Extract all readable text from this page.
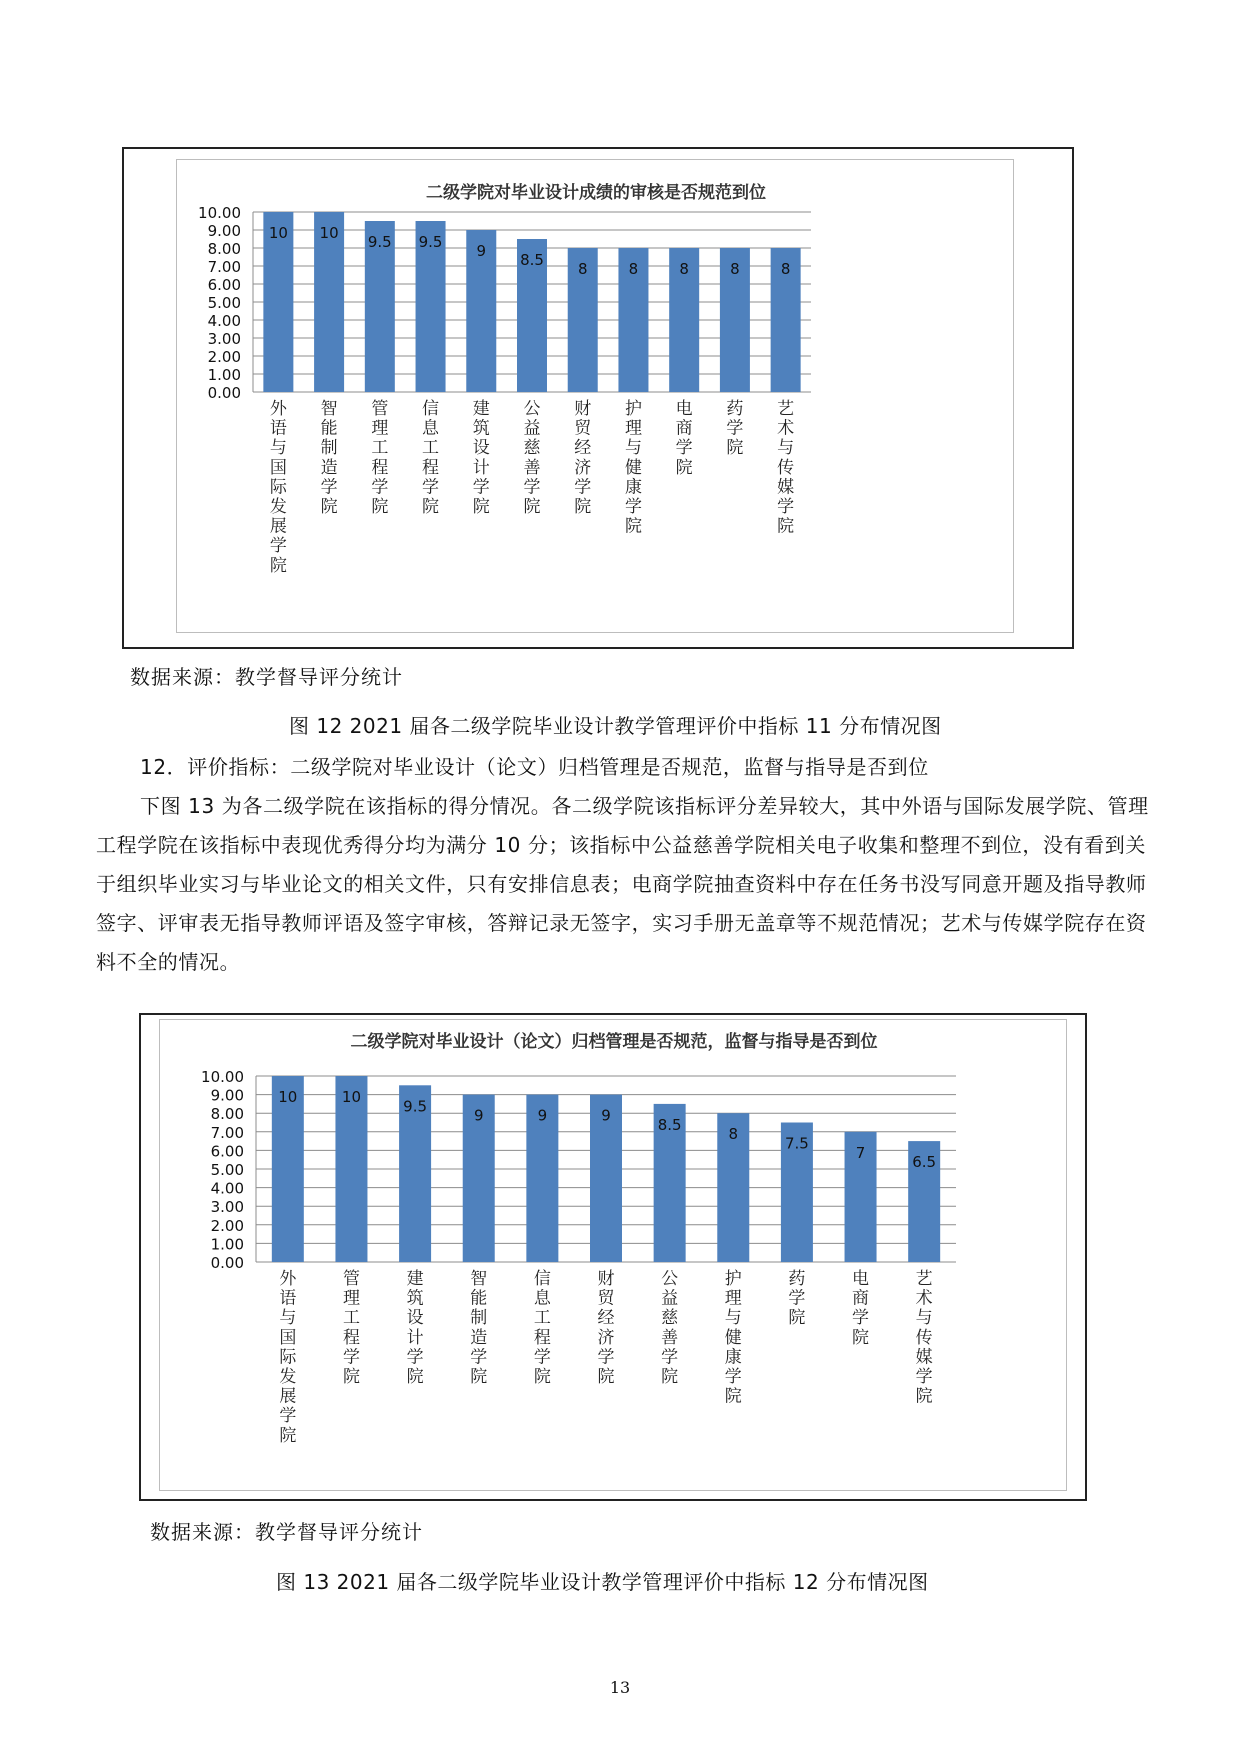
二级学院对毕业设计成绩的审核是否规范到位
0.00
1.00
2.00
3.00
4.00
5.00
6.00
7.00
8.00
9.00
10.00
10
外语与国际发展学院
10
智能制造学院
9.5
管理工程学院
9.5
信息工程学院
9
建筑设计学院
8.5
公益慈善学院
8
财贸经济学院
8
护理与健康学院
8
电商学院
8
药学院
8
艺术与传媒学院
数据来源：教学督导评分统计
图 12 2021 届各二级学院毕业设计教学管理评价中指标 11 分布情况图

12．评价指标：二级学院对毕业设计（论文）归档管理是否规范，监督与指导是否到位

下图 13 为各二级学院在该指标的得分情况。各二级学院该指标评分差异较大，其中外语与国际发展学院、管理工程学院在该指标中表现优秀得分均为满分 10 分；该指标中公益慈善学院相关电子收集和整理不到位，没有看到关于组织毕业实习与毕业论文的相关文件，只有安排信息表；电商学院抽查资料中存在任务书没写同意开题及指导教师签字、评审表无指导教师评语及签字审核，答辩记录无签字，实习手册无盖章等不规范情况；艺术与传媒学院存在资料不全的情况。

二级学院对毕业设计（论文）归档管理是否规范，监督与指导是否到位
0.00
1.00
2.00
3.00
4.00
5.00
6.00
7.00
8.00
9.00
10.00
10
外语与国际发展学院
10
管理工程学院
9.5
建筑设计学院
9
智能制造学院
9
信息工程学院
9
财贸经济学院
8.5
公益慈善学院
8
护理与健康学院
7.5
药学院
7
电商学院
6.5
艺术与传媒学院
数据来源：教学督导评分统计
图 13 2021 届各二级学院毕业设计教学管理评价中指标 12 分布情况图
13
